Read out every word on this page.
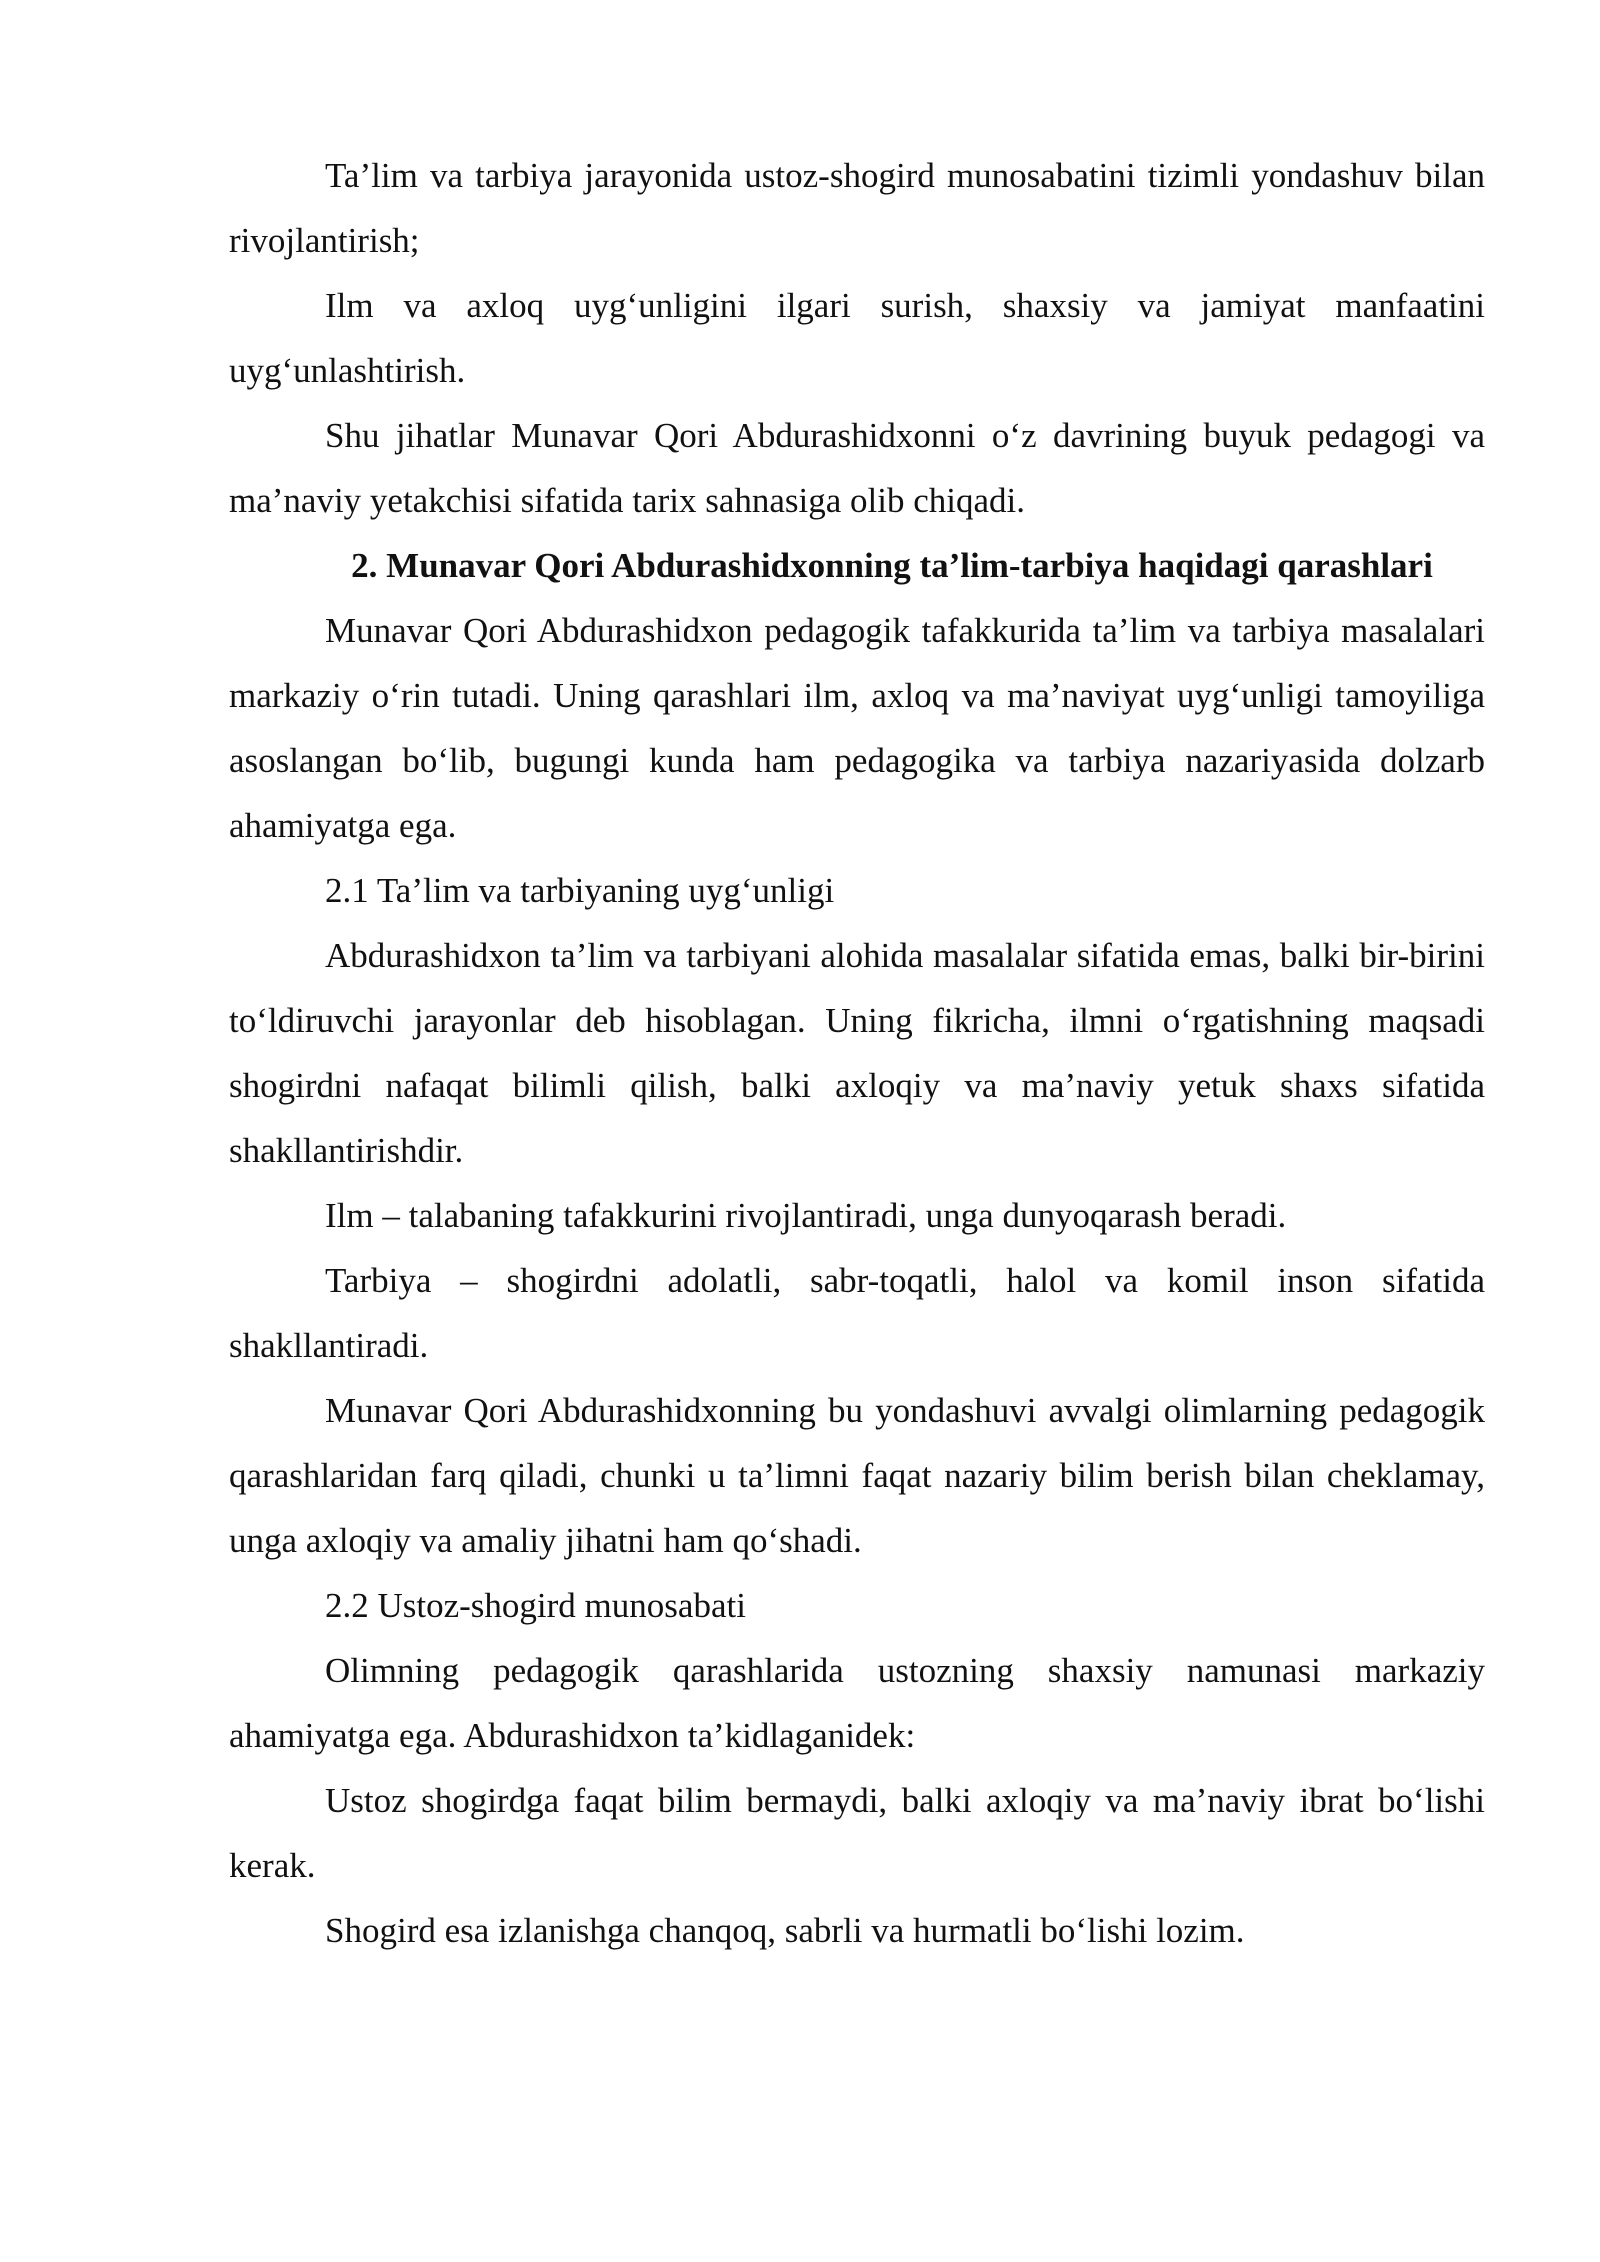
Ta’lim va tarbiya jarayonida ustoz-shogird munosabatini tizimli yondashuv bilan rivojlantirish;

Ilm va axloq uyg‘unligini ilgari surish, shaxsiy va jamiyat manfaatini uyg‘unlashtirish.

Shu jihatlar Munavar Qori Abdurashidxonni o‘z davrining buyuk pedagogi va ma’naviy yetakchisi sifatida tarix sahnasiga olib chiqadi.

2. Munavar Qori Abdurashidxonning ta’lim-tarbiya haqidagi qarashlari

Munavar Qori Abdurashidxon pedagogik tafakkurida ta’lim va tarbiya masalalari markaziy o‘rin tutadi. Uning qarashlari ilm, axloq va ma’naviyat uyg‘unligi tamoyiliga asoslangan bo‘lib, bugungi kunda ham pedagogika va tarbiya nazariyasida dolzarb ahamiyatga ega.

2.1 Ta’lim va tarbiyaning uyg‘unligi

Abdurashidxon ta’lim va tarbiyani alohida masalalar sifatida emas, balki bir-birini to‘ldiruvchi jarayonlar deb hisoblagan. Uning fikricha, ilmni o‘rgatishning maqsadi shogirdni nafaqat bilimli qilish, balki axloqiy va ma’naviy yetuk shaxs sifatida shakllantirishdir.

Ilm – talabaning tafakkurini rivojlantiradi, unga dunyoqarash beradi.

Tarbiya – shogirdni adolatli, sabr-toqatli, halol va komil inson sifatida shakllantiradi.

Munavar Qori Abdurashidxonning bu yondashuvi avvalgi olimlarning pedagogik qarashlaridan farq qiladi, chunki u ta’limni faqat nazariy bilim berish bilan cheklamay, unga axloqiy va amaliy jihatni ham qo‘shadi.

2.2 Ustoz-shogird munosabati

Olimning pedagogik qarashlarida ustozning shaxsiy namunasi markaziy ahamiyatga ega. Abdurashidxon ta’kidlaganidek:

Ustoz shogirdga faqat bilim bermaydi, balki axloqiy va ma’naviy ibrat bo‘lishi kerak.

Shogird esa izlanishga chanqoq, sabrli va hurmatli bo‘lishi lozim.
